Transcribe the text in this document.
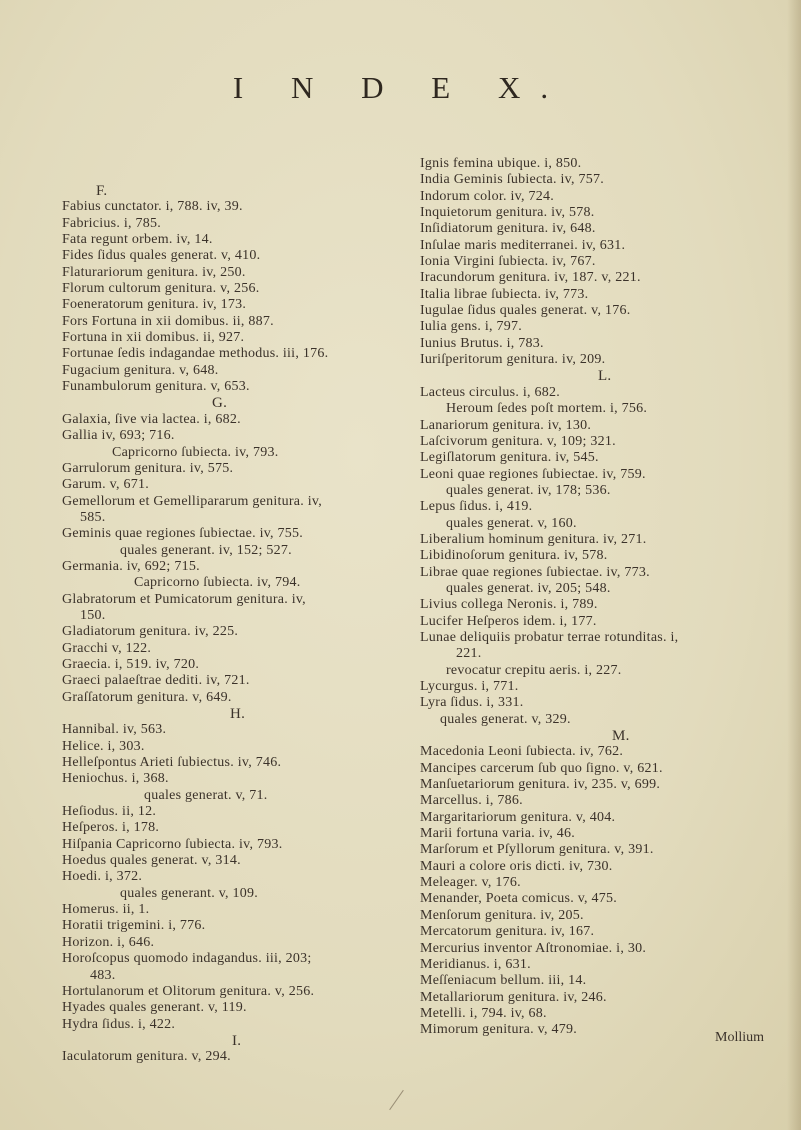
I N D E X.
F.
Fabius cunctator. i, 788. iv, 39.
Fabricius. i, 785.
Fata regunt orbem. iv, 14.
Fides ſidus quales generat. v, 410.
Flaturariorum genitura. iv, 250.
Florum cultorum genitura. v, 256.
Foeneratorum genitura. iv, 173.
Fors Fortuna in xii domibus. ii, 887.
Fortuna in xii domibus. ii, 927.
Fortunae ſedis indagandae methodus. iii, 176.
Fugacium genitura. v, 648.
Funambulorum genitura. v, 653.
G.
Galaxia, ſive via lactea. i, 682.
Gallia iv, 693; 716.
Capricorno ſubiecta. iv, 793.
Garrulorum genitura. iv, 575.
Garum. v, 671.
Gemellorum et Gemellipararum genitura. iv,
585.
Geminis quae regiones ſubiectae. iv, 755.
quales generant. iv, 152; 527.
Germania. iv, 692; 715.
Capricorno ſubiecta. iv, 794.
Glabratorum et Pumicatorum genitura. iv,
150.
Gladiatorum genitura. iv, 225.
Gracchi v, 122.
Graecia. i, 519. iv, 720.
Graeci palaeſtrae dediti. iv, 721.
Graſſatorum genitura. v, 649.
H.
Hannibal. iv, 563.
Helice. i, 303.
Helleſpontus Arieti ſubiectus. iv, 746.
Heniochus. i, 368.
quales generat. v, 71.
Heſiodus. ii, 12.
Heſperos. i, 178.
Hiſpania Capricorno ſubiecta. iv, 793.
Hoedus quales generat. v, 314.
Hoedi. i, 372.
quales generant. v, 109.
Homerus. ii, 1.
Horatii trigemini. i, 776.
Horizon. i, 646.
Horoſcopus quomodo indagandus. iii, 203;
483.
Hortulanorum et Olitorum genitura. v, 256.
Hyades quales generant. v, 119.
Hydra ſidus. i, 422.
I.
Iaculatorum genitura. v, 294.
Ignis femina ubique. i, 850.
India Geminis ſubiecta. iv, 757.
Indorum color. iv, 724.
Inquietorum genitura. iv, 578.
Inſidiatorum genitura. iv, 648.
Inſulae maris mediterranei. iv, 631.
Ionia Virgini ſubiecta. iv, 767.
Iracundorum genitura. iv, 187. v, 221.
Italia librae ſubiecta. iv, 773.
Iugulae ſidus quales generat. v, 176.
Iulia gens. i, 797.
Iunius Brutus. i, 783.
Iuriſperitorum genitura. iv, 209.
L.
Lacteus circulus. i, 682.
Heroum ſedes poſt mortem. i, 756.
Lanariorum genitura. iv, 130.
Laſcivorum genitura. v, 109; 321.
Legiſlatorum genitura. iv, 545.
Leoni quae regiones ſubiectae. iv, 759.
quales generat. iv, 178; 536.
Lepus ſidus. i, 419.
quales generat. v, 160.
Liberalium hominum genitura. iv, 271.
Libidinoſorum genitura. iv, 578.
Librae quae regiones ſubiectae. iv, 773.
quales generat. iv, 205; 548.
Livius collega Neronis. i, 789.
Lucifer Heſperos idem. i, 177.
Lunae deliquiis probatur terrae rotunditas. i,
221.
revocatur crepitu aeris. i, 227.
Lycurgus. i, 771.
Lyra ſidus. i, 331.
quales generat. v, 329.
M.
Macedonia Leoni ſubiecta. iv, 762.
Mancipes carcerum ſub quo ſigno. v, 621.
Manſuetariorum genitura. iv, 235. v, 699.
Marcellus. i, 786.
Margaritariorum genitura. v, 404.
Marii fortuna varia. iv, 46.
Marſorum et Pſyllorum genitura. v, 391.
Mauri a colore oris dicti. iv, 730.
Meleager. v, 176.
Menander, Poeta comicus. v, 475.
Menſorum genitura. iv, 205.
Mercatorum genitura. iv, 167.
Mercurius inventor Aſtronomiae. i, 30.
Meridianus. i, 631.
Meſſeniacum bellum. iii, 14.
Metallariorum genitura. iv, 246.
Metelli. i, 794. iv, 68.
Mimorum genitura. v, 479.
Mollium
